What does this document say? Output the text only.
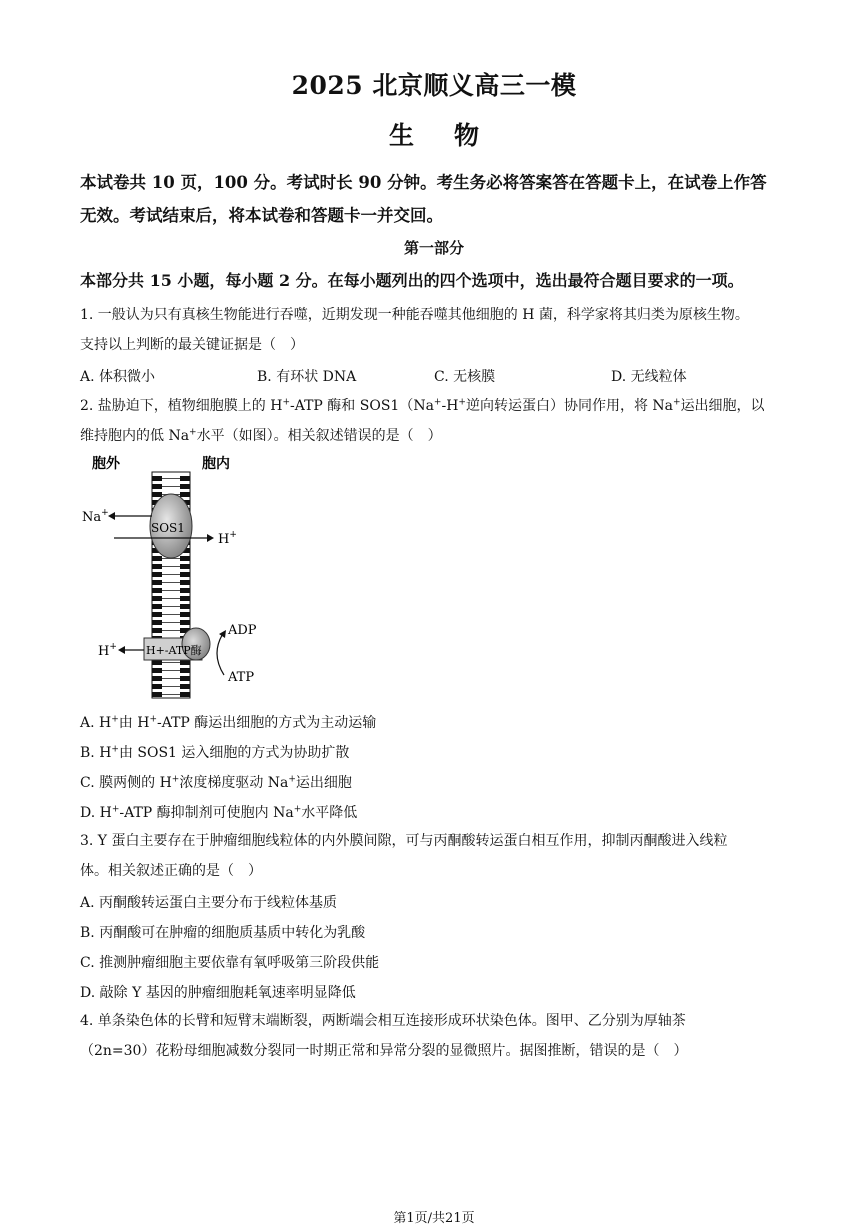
2025 北京顺义高三一模
生物
本试卷共 10 页，100 分。考试时长 90 分钟。考生务必将答案答在答题卡上，在试卷上作答
无效。考试结束后，将本试卷和答题卡一并交回。
第一部分
本部分共 15 小题，每小题 2 分。在每小题列出的四个选项中，选出最符合题目要求的一项。
1. 一般认为只有真核生物能进行吞噬，近期发现一种能吞噬其他细胞的 H 菌，科学家将其归类为原核生物。
支持以上判断的最关键证据是（　）
A. 体积微小	B. 有环状 DNA	C. 无核膜	D. 无线粒体
2. 盐胁迫下，植物细胞膜上的 H+-ATP 酶和 SOS1（Na+-H+逆向转运蛋白）协同作用，将 Na+运出细胞，以
维持胞内的低 Na+水平（如图）。相关叙述错误的是（　）
胞外	胞内
SOS1
Na+
H+
H+-ATP酶
H+
ADP
ATP
A. H+由 H+-ATP 酶运出细胞的方式为主动运输
B. H+由 SOS1 运入细胞的方式为协助扩散
C. 膜两侧的 H+浓度梯度驱动 Na+运出细胞
D. H+-ATP 酶抑制剂可使胞内 Na+水平降低
3. Y 蛋白主要存在于肿瘤细胞线粒体的内外膜间隙，可与丙酮酸转运蛋白相互作用，抑制丙酮酸进入线粒
体。相关叙述正确的是（　）
A. 丙酮酸转运蛋白主要分布于线粒体基质
B. 丙酮酸可在肿瘤的细胞质基质中转化为乳酸
C. 推测肿瘤细胞主要依靠有氧呼吸第三阶段供能
D. 敲除 Y 基因的肿瘤细胞耗氧速率明显降低
4. 单条染色体的长臂和短臂末端断裂，两断端会相互连接形成环状染色体。图甲、乙分别为厚轴茶
（2n=30）花粉母细胞减数分裂同一时期正常和异常分裂的显微照片。据图推断，错误的是（　）
第1页/共21页
